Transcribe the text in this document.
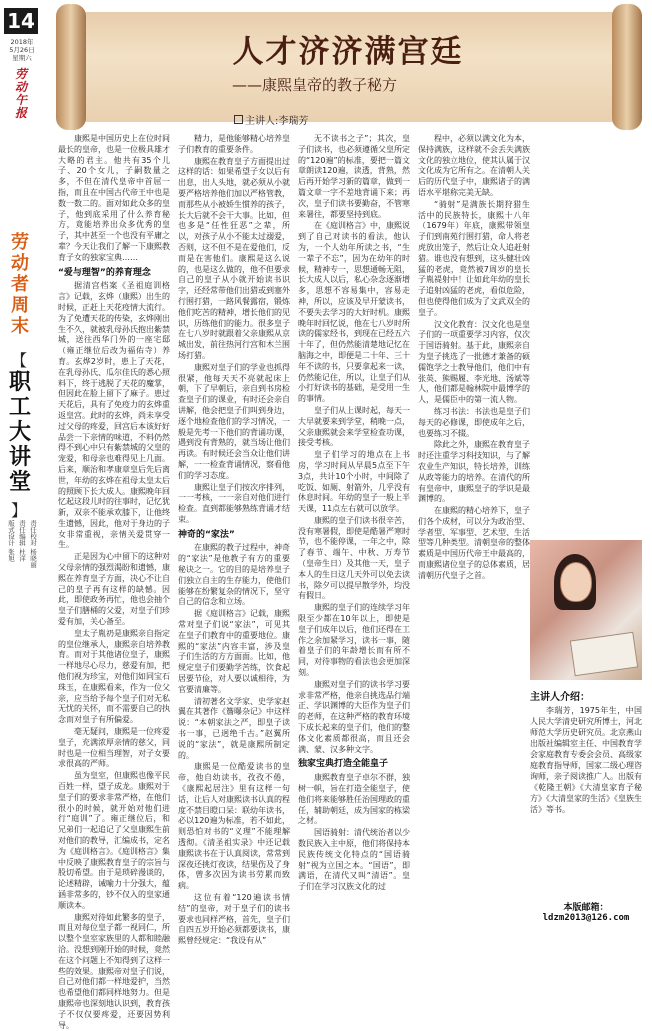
14
2018年
5月26日
星期六
劳
动
午
报
劳
动
者
周
末
【
职
工
大
讲
堂
】
版式设计 张旭 责任编辑 杜洋 责任校对 杨晓丽
人才济济满宫廷
——康熙皇帝的教子秘方
主讲人:李瑞芳

康熙是中国历史上在位时间最长的皇帝，也是一位极具雄才大略的君主。他共有35个儿子、20个女儿，子嗣数量之多，不但在清代皇帝中首屈一指，而且在中国古代帝王中也是数一数二的。面对如此众多的皇子，他到底采用了什么养育秘方，竟能培养出众多优秀的皇子，其中甚至一个也没有平庸之辈？今天让我们了解一下康熙教育子女的独家宝典……

“爱与理智”的养育理念

据清宫档案《圣祖庭训格言》记载，玄烨（康熙）出生的时候，正赶上天花疫情大流行。为了免遭天花的传染，玄烨刚出生不久，就被乳母孙氏抱出紫禁城，送往西华门外的一座宅邸（雍正继位后改为福佑寺）养育。玄烨2岁时，患上了天花，在乳母孙氏、瓜尔佳氏的悉心照料下，终于逃脱了天花的魔掌，但因此在脸上留下了麻子。患过天花后，具有了免疫力的玄烨重返皇宫。此时的玄烨，尚未享受过父母的疼爱，回宫后本该好好品尝一下亲情的味道，不料仍然得不到心中只有紫禁城的父皇的宠爱，和母亲也难得见上几面。后来，顺治和孝康章皇后先后离世，年幼的玄烨在祖母太皇太后的照顾下长大成人。康熙晚年回忆起这段儿时的往事时，记忆犹新，双亲不能承欢膝下，让他终生遗憾，因此，他对于身边的子女非常重视，亲情关爱贯穿一生。

正是因为心中留下的这种对父母亲情的强烈渴盼和遗憾，康熙在养育皇子方面，决心不让自己的皇子再有这样的缺憾。因此，即使政务再忙，他也会抽个皇子们膳桶的父爱，对皇子们珍爱有加，关心备至。

皇太子胤礽是康熙亲自指定的皇位继承人，康熙亲自培养教育。而对于其他诸位皇子，康熙一样地尽心尽力，慈爱有加，把他们视为珍宝，对他们如同宝石珠玉，在康熙看来，作为一位父亲，应当给予每个皇子们对无私无忧的关怀，而不需要自己的执念而对皇子有所偏爱。

毫无疑问，康熙是一位疼爱皇子，充满浓厚亲情的慈父，同时也是一位相当理智，对子女要求很高的严师。

虽为皇室，但康熙也像平民百姓一样，望子成龙。康熙对于皇子们的要求非常严格，在他们很小的时候，就开始对他们进行“庭训”了。雍正继位后，和兄弟们一起追记了父皇康熙生前对他们的教导，汇编成书，定名为《庭训格言》。《庭训格言》集中反映了康熙教育皇子的宗旨与股切希望。由于是琐碎漫谈的，论述精辟，诫喻力十分强大，蕴涵非常多的，钞不仅入的皇家通顺读本。

康熙对待如此繁多的皇子，而且对每位皇子都一视同仁，所以整个皇室家族里的人都和睦融洽。没想到刚开始的时候，竟然在这个问题上不知得到了这样一些的效果。康熙帝对皇子们说，自己对他们都一样地爱护，当然也希望他们都同样地努力。但是康熙帝也深刻地认识到，教育孩子不仅仅要疼爱，还要因势利导。

精力，是他能够精心培养皇子们教育的重要条件。

康熙在教育皇子方面提出过这样的话：如果希望子女以后有出息，出人头地，就必须从小就要严格培养他们加以严格管教，而那些从小被娇生惯养的孩子，长大后就不会干大事。比如，但也多是“任性狂恶”之辈，所以，对孩子从小不能太过溺爱，否则，这不但不是在爱他们，反而是在害他们。康熙是这么说的，也是这么做的，他不但要求自己的皇子从小就开始读书识字，还经常带他们出猎或到塞外行围打猎，一路风餐露宿，锻炼他们吃苦的精神，增长他们的见识，历练他们的能力。很多皇子在七八岁时就跟着父亲康熙从京城出发，前往热河行宫和木兰围场打猎。

康熙对皇子们的学业也抓得很紧，他每天天不亮就起床上朝，下了早朝后，亲自到书房检查皇子们的课业，有时还会亲自讲解，他会把皇子们叫到身边，逐个地检查他们的学习情况，一般是先考一下他们的背诵功课，遇到没有背熟的，就当场让他们再读。有时候还会当众让他们讲解，一一检查背诵情况，察看他们的学习态度。

康熙让皇子们按次序排列，一一考核，一一亲自对他们进行检查。直到都能够熟练背诵才结束。

神奇的“家法”

在康熙的教子过程中，神奇的“家法”是他教子有方的重要秘诀之一。它的目的是培养皇子们独立自主的生存能力，使他们能够在纷繁复杂的情况下，坚守自己的信念和立场。

据《庭训格言》记载，康熙常对皇子们说“家法”，可见其在皇子们教育中的重要地位。康熙的“家法”内容丰富，涉及皇子们生活的方方面面。比如，他规定皇子们要勤学苦练，饮食起居要节俭，对人要以诚相待，为官要清廉等。

清初著名文学家、史学家赵翼在其著作《簷曝杂记》中这样说：“本朝家法之严，即皇子读书一事，已迥绝千古。”赵翼所说的“家法”，就是康熙所制定的。

康熙是一位酷爱读书的皇帝，他自幼读书，孜孜不倦，《康熙起居注》里有这样一句话，让后人对康熙读书认真的程度不禁目瞪口呆：联幼年读书，必以120遍为标准，若不如此，则恐怕对书的“义理”不能理解透彻。《清圣祖实录》中还记载康熙读书在于认真阅读，常常到深夜还挑灯夜读，结果伤及了身体，曾多次因为读书劳累而致病。

这位有着“120遍读书情结”的皇帝，对于皇子们的读书要求也同样严格，首先，皇子们自四五岁开始必须都要读书，康熙曾经规定：“我设有从”

无不读书之子”；其次，皇子们读书，也必须遵循父皇所定的“120遍”的标准，要把一篇文章朗读120遍，读透，背熟，然后再开始学习新的篇章，做到一篇文章一字不差地背诵下来；再次，皇子们读书要勤奋，不管寒来暑往，都要坚持到底。

在《庭训格言》中，康熙说到了自己对读书的看法，他认为，一个人幼年所读之书，“生一辈子不忘”，因为在幼年的时候，精神专一，思想通畅无阻，长大成人以后，私心杂念逐渐增多，思想不容易集中，容易走神，所以，应该及早开蒙读书，不要失去学习的大好时机。康熙晚年时回忆说，他在七八岁时所读的儒家经书，到现在已经五六十年了，但仍然能清楚地记忆在脑海之中，即便是二十年、三十年不读的书，只要拿起来一读，仍然能记住，所以，让皇子们从小打好读书的基础，是受用一生的事情。

皇子们从上课时起，每天一大早就要来到学堂，稍晚一点，父亲康熙就会来学堂检查功课，接受考核。

皇子们学习的地点在上书房，学习时间从早晨5点至下午3点，共计10个小时，中间除了吃饭、如厕、射箭外，几乎没有休息时间。年幼的皇子一般上半天课，11点左右就可以放学。

康熙的皇子们读书很辛苦，没有寒暑假，即使是酷暑严寒时节，也不能停课，一年之中，除了春节、端午、中秋、万寿节（皇帝生日）及其他一天，皇子本人的生日这几天外可以免去读书，除夕可以提早散学外，均没有假日。

康熙的皇子们的连续学习年限至少都在10年以上，即使是皇子们成年以后，他们还得在工作之余加紧学习，读书一事，随着皇子们的年龄增长而有所不同，对待事物的看法也会更加深刻。

康熙对皇子们的读书学习要求非常严格，他亲自挑选品行端正、学识渊博的大臣作为皇子们的老师，在这种严格的教育环境下成长起来的皇子们，他们的整体文化素质都很高，而且还会满、蒙、汉多种文字。

独家宝典打造全能皇子

康熙教育皇子卓尔不群，独树一帜，旨在打造全能皇子，使他们将来能够胜任治国理政的重任，辅助朝廷，成为国家的栋梁之材。

国语骑射：清代统治者以少数民族入主中原，他们将保持本民族传统文化特点的“国语骑射”视为立国之本。“国语”，即满语，在清代又叫“清语”。皇子们在学习汉族文化的过

程中，必须以满文化为本，保持满族，这样就不会丢失满族文化的独立地位，使其认属于汉文化成为它所有之。在清朝人关后的历代皇子中，康熙诸子的满语水平堪称完美无缺。

“骑射”是满族长期狩猎生活中的民族特长，康熙十八年（1679年）年底，康熙带领皇子们到南苑行围打猎，命人将老虎放出笼子，然后让众人追赶射猎。谁也没有想到，这头健壮凶猛的老虎，竟然被7周岁的皇长子胤禔射中！让如此年幼的皇长子追射凶猛的老虎，看似危险，但也使得他们成为了文武双全的皇子。

汉文化教育：汉文化也是皇子们的一项重要学习内容，仅次于国语骑射。基于此，康熙亲自为皇子挑选了一批德才兼备的硕儒饱学之士教导他们，他们中有张英、熊赐履、李光地、汤斌等人，他们都是翰林院中最博学的人，是儒臣中的第一流人物。

练习书法：书法也是皇子们每天的必修课，即使成年之后，也要练习不辍。

除此之外，康熙在教育皇子时还注重学习科技知识，与了解农业生产知识，特长培养，训练从政等能力的培养。在清代的所有皇帝中，康熙皇子的学识是最渊博的。

在康熙的精心培养下，皇子们各个成材，可以分为政治型、学者型、军事型、艺术型、生活型等几种类型。清朝皇帝的整体素质是中国历代帝王中最高的，而康熙诸位皇子的总体素质，居清朝历代皇子之首。

主讲人介绍：

李瑞芳，1975年生，中国人民大学清史研究所博士，河北师范大学历史研究员。北京燕山出版社编辑室主任、中国教育学会家庭教育专委会会员、高级家庭教育指导师，国家二级心理咨询师，亲子阅读推广人。出版有《乾隆王朝》《大清皇家育子秘方》《大清皇家的生活》《皇族生活》等书。

本版邮箱：
ldzm2013@126.com
